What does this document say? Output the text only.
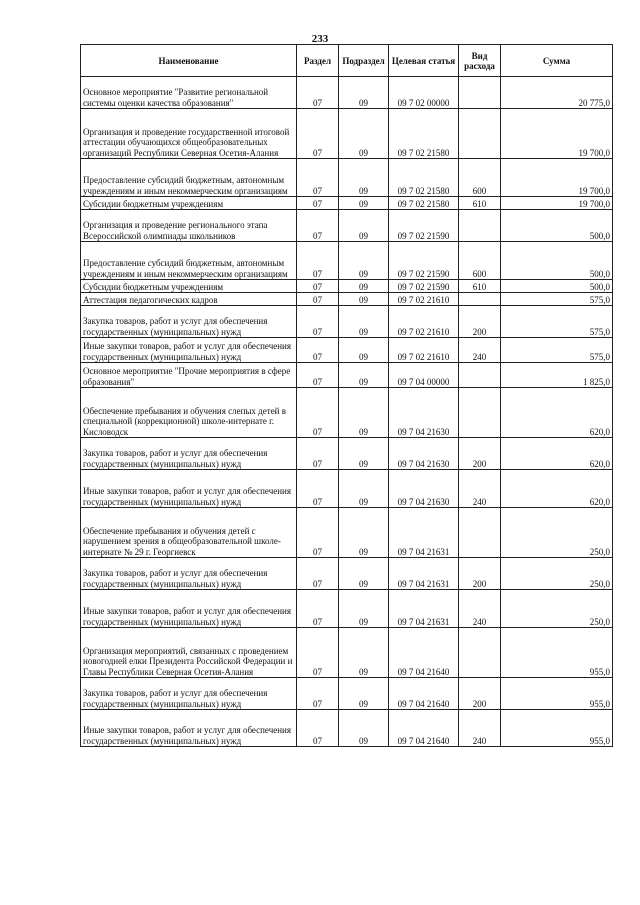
233
Наименование	Раздел	Подраздел	Целевая статья	Вид расхода	Сумма
Основное мероприятие "Развитие региональной системы оценки качества образования"	07	09	09 7 02 00000		20 775,0
Организация и проведение государственной итоговой аттестации обучающихся общеобразовательных организаций Республики Северная Осетия-Алания	07	09	09 7 02 21580		19 700,0
Предоставление субсидий бюджетным, автономным учреждениям и иным некоммерческим организациям	07	09	09 7 02 21580	600	19 700,0
Субсидии бюджетным учреждениям	07	09	09 7 02 21580	610	19 700,0
Организация и проведение регионального этапа Всероссийской олимпиады школьников	07	09	09 7 02 21590		500,0
Предоставление субсидий бюджетным, автономным учреждениям и иным некоммерческим организациям	07	09	09 7 02 21590	600	500,0
Субсидии бюджетным учреждениям	07	09	09 7 02 21590	610	500,0
Аттестация педагогических кадров	07	09	09 7 02 21610		575,0
Закупка товаров, работ и услуг для обеспечения государственных (муниципальных) нужд	07	09	09 7 02 21610	200	575,0
Иные закупки товаров, работ и услуг для обеспечения государственных (муниципальных) нужд	07	09	09 7 02 21610	240	575,0
Основное мероприятие "Прочие мероприятия в сфере образования"	07	09	09 7 04 00000		1 825,0
Обеспечение пребывания и обучения слепых детей в специальной (коррекционной) школе-интернате г. Кисловодск	07	09	09 7 04 21630		620,0
Закупка товаров, работ и услуг для обеспечения государственных (муниципальных) нужд	07	09	09 7 04 21630	200	620,0
Иные закупки товаров, работ и услуг для обеспечения государственных (муниципальных) нужд	07	09	09 7 04 21630	240	620,0
Обеспечение пребывания и обучения детей с нарушением зрения в общеобразовательной школе-интернате № 29 г. Георгиевск	07	09	09 7 04 21631		250,0
Закупка товаров, работ и услуг для обеспечения государственных (муниципальных) нужд	07	09	09 7 04 21631	200	250,0
Иные закупки товаров, работ и услуг для обеспечения государственных (муниципальных) нужд	07	09	09 7 04 21631	240	250,0
Организация мероприятий, связанных с проведением новогодней елки Президента Российской Федерации и Главы Республики Северная Осетия-Алания	07	09	09 7 04 21640		955,0
Закупка товаров, работ и услуг для обеспечения государственных (муниципальных) нужд	07	09	09 7 04 21640	200	955,0
Иные закупки товаров, работ и услуг для обеспечения государственных (муниципальных) нужд	07	09	09 7 04 21640	240	955,0
